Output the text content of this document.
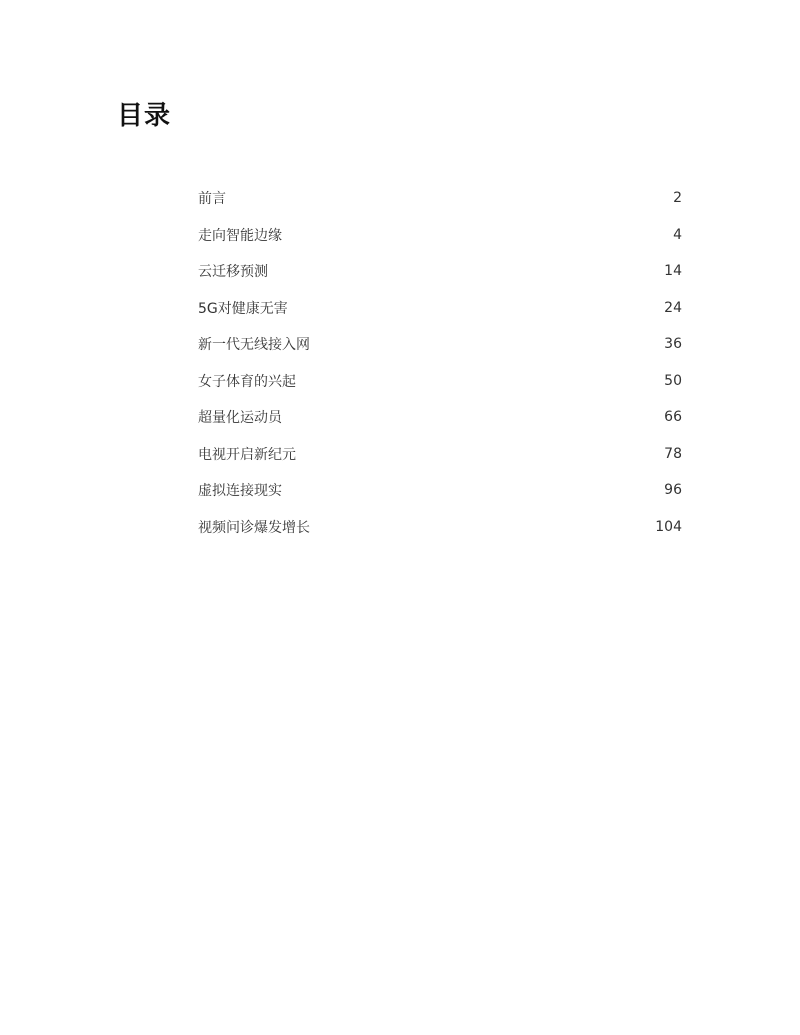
目录
前言	2
走向智能边缘	4
云迁移预测	14
5G对健康无害	24
新一代无线接入网	36
女子体育的兴起	50
超量化运动员	66
电视开启新纪元	78
虚拟连接现实	96
视频问诊爆发增长	104
